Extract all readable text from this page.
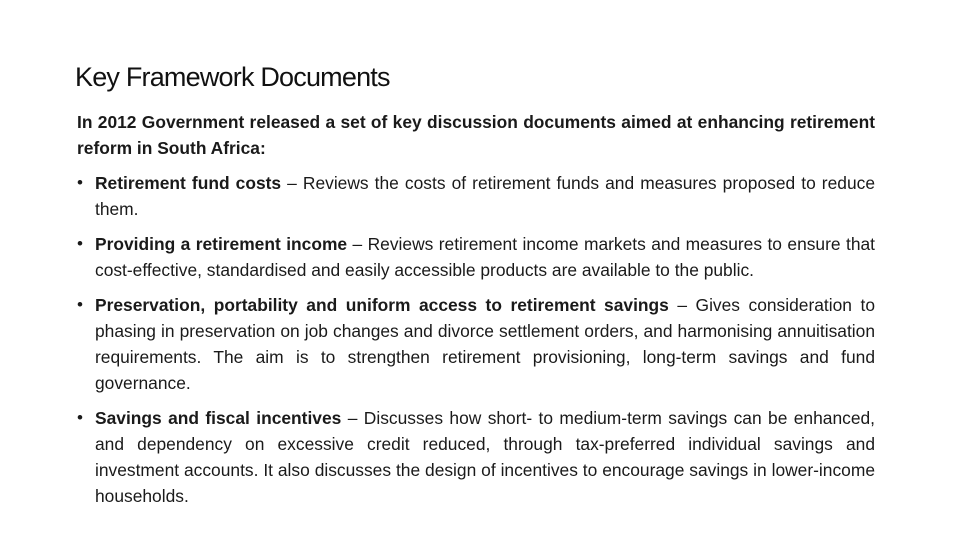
Key Framework Documents

In 2012 Government released a set of key discussion documents aimed at enhancing retirement reform in South Africa:

• Retirement fund costs – Reviews the costs of retirement funds and measures proposed to reduce them.
• Providing a retirement income – Reviews retirement income markets and measures to ensure that cost-effective, standardised and easily accessible products are available to the public.
• Preservation, portability and uniform access to retirement savings – Gives consideration to phasing in preservation on job changes and divorce settlement orders, and harmonising annuitisation requirements. The aim is to strengthen retirement provisioning, long-term savings and fund governance.
• Savings and fiscal incentives – Discusses how short- to medium-term savings can be enhanced, and dependency on excessive credit reduced, through tax-preferred individual savings and investment accounts. It also discusses the design of incentives to encourage savings in lower-income households.
